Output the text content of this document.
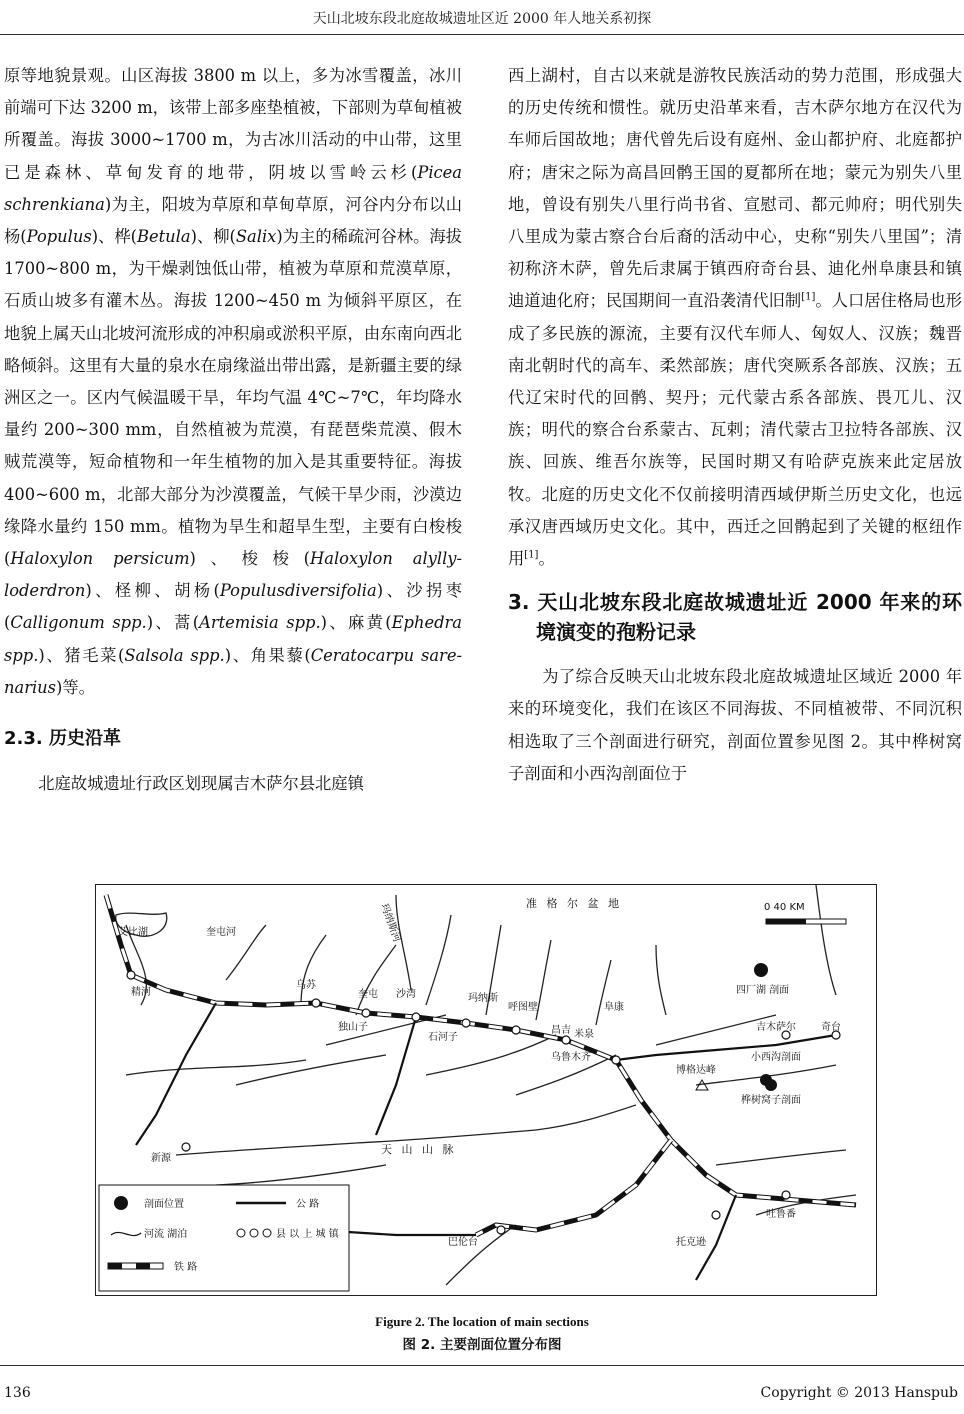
天山北坡东段北庭故城遗址区近 2000 年人地关系初探

原等地貌景观。山区海拔 3800 m 以上，多为冰雪覆盖，冰川前端可下达 3200 m，该带上部多座垫植被，下部则为草甸植被所覆盖。海拔 3000~1700 m，为古冰川活动的中山带，这里已是森林、草甸发育的地带，阴坡以雪岭云杉(Picea schrenkiana)为主，阳坡为草原和草甸草原，河谷内分布以山杨(Populus)、桦(Betula)、柳(Salix)为主的稀疏河谷林。海拔 1700~800 m，为干燥剥蚀低山带，植被为草原和荒漠草原，石质山坡多有灌木丛。海拔 1200~450 m 为倾斜平原区，在地貌上属天山北坡河流形成的冲积扇或淤积平原，由东南向西北略倾斜。这里有大量的泉水在扇缘溢出带出露，是新疆主要的绿洲区之一。区内气候温暖干旱，年均气温 4℃~7℃，年均降水量约 200~300 mm，自然植被为荒漠，有琵琶柴荒漠、假木贼荒漠等，短命植物和一年生植物的加入是其重要特征。海拔 400~600 m，北部大部分为沙漠覆盖，气候干旱少雨，沙漠边缘降水量约 150 mm。植物为旱生和超旱生型，主要有白梭梭(Haloxylon persicum)、梭梭(Haloxylon alylly-loderdron)、柽柳、胡杨(Populusdiversifolia)、沙拐枣(Calligonum spp.)、蒿(Artemisia spp.)、麻黄(Ephedra spp.)、猪毛菜(Salsola spp.)、角果藜(Ceratocarpu sare-narius)等。

2.3. 历史沿革

北庭故城遗址行政区划现属吉木萨尔县北庭镇

西上湖村，自古以来就是游牧民族活动的势力范围，形成强大的历史传统和惯性。就历史沿革来看，吉木萨尔地方在汉代为车师后国故地；唐代曾先后设有庭州、金山都护府、北庭都护府；唐宋之际为高昌回鹘王国的夏都所在地；蒙元为别失八里地，曾设有别失八里行尚书省、宣慰司、都元帅府；明代别失八里成为蒙古察合台后裔的活动中心，史称“别失八里国”；清初称济木萨，曾先后隶属于镇西府奇台县、迪化州阜康县和镇迪道迪化府；民国期间一直沿袭清代旧制[1]。人口居住格局也形成了多民族的源流，主要有汉代车师人、匈奴人、汉族；魏晋南北朝时代的高车、柔然部族；唐代突厥系各部族、汉族；五代辽宋时代的回鹘、契丹；元代蒙古系各部族、畏兀儿、汉族；明代的察合台系蒙古、瓦剌；清代蒙古卫拉特各部族、汉族、回族、维吾尔族等，民国时期又有哈萨克族来此定居放牧。北庭的历史文化不仅前接明清西域伊斯兰历史文化，也远承汉唐西域历史文化。其中，西迁之回鹘起到了关键的枢纽作用[1]。

3. 天山北坡东段北庭故城遗址近 2000 年来的环境演变的孢粉记录

为了综合反映天山北坡东段北庭故城遗址区域近 2000 年来的环境变化，我们在该区不同海拔、不同植被带、不同沉积相选取了三个剖面进行研究，剖面位置参见图 2。其中桦树窝子剖面和小西沟剖面位于

准 格 尔 盆 地	0 40 KM
玛纳斯河
艾比湖	奎屯河
精河
乌苏
奎屯 沙湾	玛纳斯
呼图壁	阜康
独山子
石河子
昌吉 米泉
乌鲁木齐
四厂湖 剖面
吉木萨尔	奇台
小西沟剖面
博格达峰
桦树窝子剖面
天 山 山 脉
新源
巴伦台	托克逊
吐鲁番
剖面位置	公 路
河流 湖泊	县 以 上 城 镇
铁 路
Figure 2. The location of main sections
图 2. 主要剖面位置分布图
136	Copyright © 2013 Hanspub
